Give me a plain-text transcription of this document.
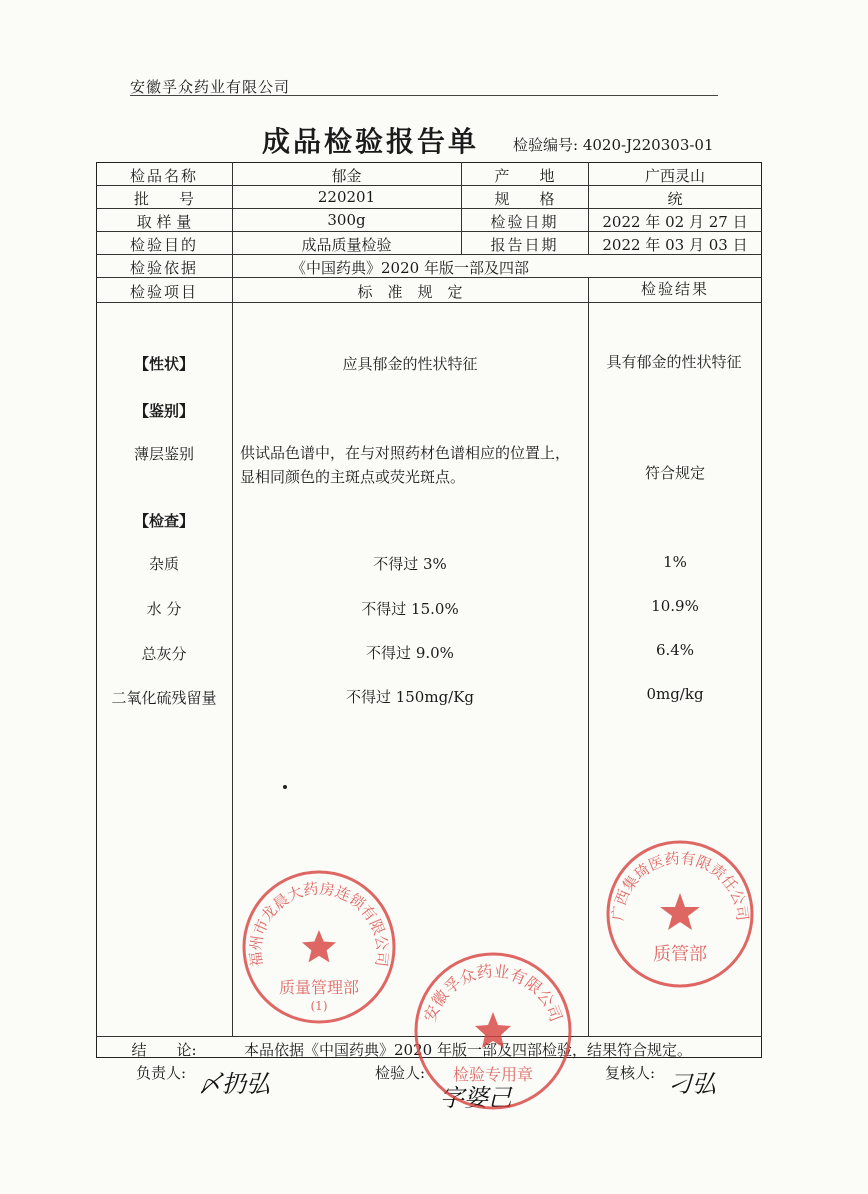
安徽孚众药业有限公司
成品检验报告单 检验编号: 4020-J220303-01
检品名称	郁金	产　　地	广西灵山
批　　号	220201	规　　格	统
取 样 量	300g	检验日期	2022 年 02 月 27 日
检验目的	成品质量检验	报告日期	2022 年 03 月 03 日
检验依据	《中国药典》2020 年版一部及四部
检验项目	标　准　规　定	检验结果
【性状】	应具郁金的性状特征	具有郁金的性状特征
【鉴别】
薄层鉴别	供试品色谱中，在与对照药材色谱相应的位置上，显相同颜色的主斑点或荧光斑点。	符合规定
【检查】
杂质	不得过 3%	1%
水 分	不得过 15.0%	10.9%
总灰分	不得过 9.0%	6.4%
二氧化硫残留量	不得过 150mg/Kg	0mg/kg
结　　论:	本品依据《中国药典》2020 年版一部及四部检验，结果符合规定。
负责人:	检验人:	复核人:
〆扔弘	字婆己	刁弘
福州市龙晨大药房连锁有限公司
质量管理部
(1)	安徽孚众药业有限公司
检验专用章
广西集琦医药有限责任公司
质管部
